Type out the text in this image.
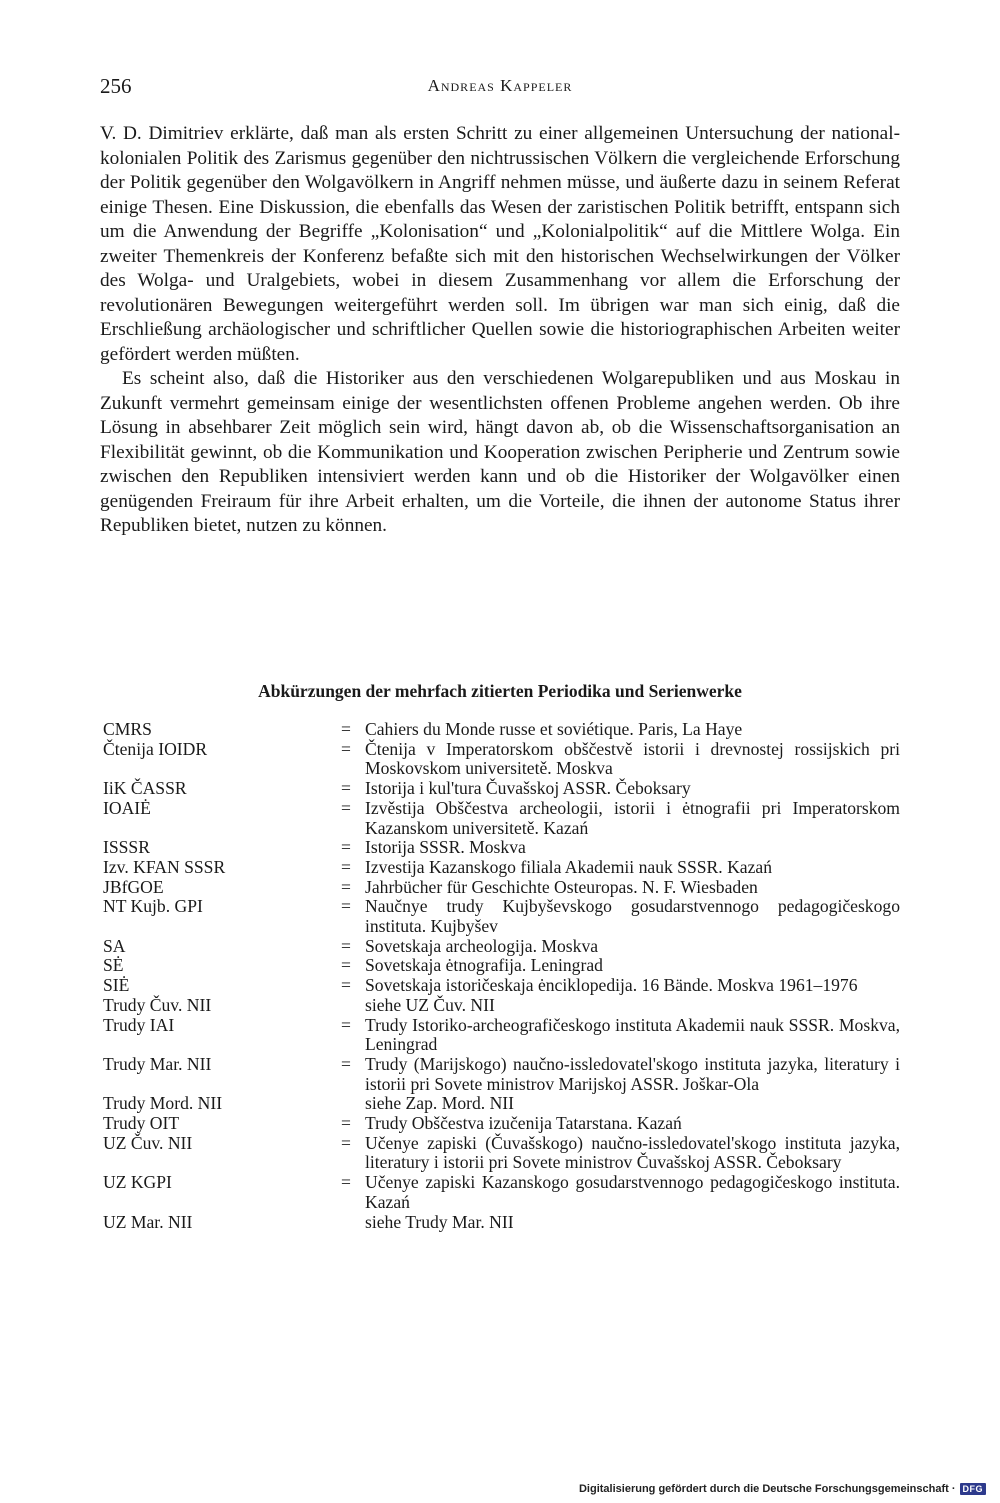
256	Andreas Kappeler

V. D. Dimitriev erklärte, daß man als ersten Schritt zu einer allgemeinen Untersuchung der national-kolonialen Politik des Zarismus gegenüber den nichtrussischen Völkern die vergleichende Erforschung der Politik gegenüber den Wolgavölkern in Angriff nehmen müsse, und äußerte dazu in seinem Referat einige Thesen. Eine Diskussion, die ebenfalls das Wesen der zaristischen Politik betrifft, entspann sich um die Anwendung der Begriffe „Kolonisation“ und „Kolonialpolitik“ auf die Mittlere Wolga. Ein zweiter Themenkreis der Konferenz befaßte sich mit den historischen Wechselwirkungen der Völker des Wolga- und Uralgebiets, wobei in diesem Zusammenhang vor allem die Erforschung der revolutionären Bewegungen weitergeführt werden soll. Im übrigen war man sich einig, daß die Erschließung archäologischer und schriftlicher Quellen sowie die historiographischen Arbeiten weiter gefördert werden müßten.

Es scheint also, daß die Historiker aus den verschiedenen Wolgarepubliken und aus Moskau in Zukunft vermehrt gemeinsam einige der wesentlichsten offenen Probleme angehen werden. Ob ihre Lösung in absehbarer Zeit möglich sein wird, hängt davon ab, ob die Wissenschaftsorganisation an Flexibilität gewinnt, ob die Kommunikation und Kooperation zwischen Peripherie und Zentrum sowie zwischen den Republiken intensiviert werden kann und ob die Historiker der Wolgavölker einen genügenden Freiraum für ihre Arbeit erhalten, um die Vorteile, die ihnen der autonome Status ihrer Republiken bietet, nutzen zu können.

Abkürzungen der mehrfach zitierten Periodika und Serienwerke
CMRS	= Cahiers du Monde russe et soviétique. Paris, La Haye
Čtenija IOIDR	= Čtenija v Imperatorskom obščestvě istorii i drevnostej rossijskich pri Moskovskom universitetě. Moskva
IiK ČASSR	= Istorija i kul'tura Čuvašskoj ASSR. Čeboksary
IOAIĖ	= Izvěstija Obščestva archeologii, istorii i ėtnografii pri Imperatorskom Kazanskom universitetě. Kazań
ISSSR	= Istorija SSSR. Moskva
Izv. KFAN SSSR	= Izvestija Kazanskogo filiala Akademii nauk SSSR. Kazań
JBfGOE	= Jahrbücher für Geschichte Osteuropas. N. F. Wiesbaden
NT Kujb. GPI	= Naučnye trudy Kujbyševskogo gosudarstvennogo pedagogičeskogo instituta. Kujbyšev
SA	= Sovetskaja archeologija. Moskva
SĖ	= Sovetskaja ėtnografija. Leningrad
SIĖ	= Sovetskaja istoričeskaja ėnciklopedija. 16 Bände. Moskva 1961–1976
Trudy Čuv. NII	siehe UZ Čuv. NII
Trudy IAI	= Trudy Istoriko-archeografičeskogo instituta Akademii nauk SSSR. Moskva, Leningrad
Trudy Mar. NII	= Trudy (Marijskogo) naučno-issledovatel'skogo instituta jazyka, literatury i istorii pri Sovete ministrov Marijskoj ASSR. Joškar-Ola
Trudy Mord. NII	siehe Zap. Mord. NII
Trudy OIT	= Trudy Obščestva izučenija Tatarstana. Kazań
UZ Čuv. NII	= Učenye zapiski (Čuvašskogo) naučno-issledovatel'skogo instituta jazyka, literatury i istorii pri Sovete ministrov Čuvašskoj ASSR. Čeboksary
UZ KGPI	= Učenye zapiski Kazanskogo gosudarstvennogo pedagogičeskogo instituta. Kazań
UZ Mar. NII	siehe Trudy Mar. NII
Digitalisierung gefördert durch die Deutsche Forschungsgemeinschaft · DFG
